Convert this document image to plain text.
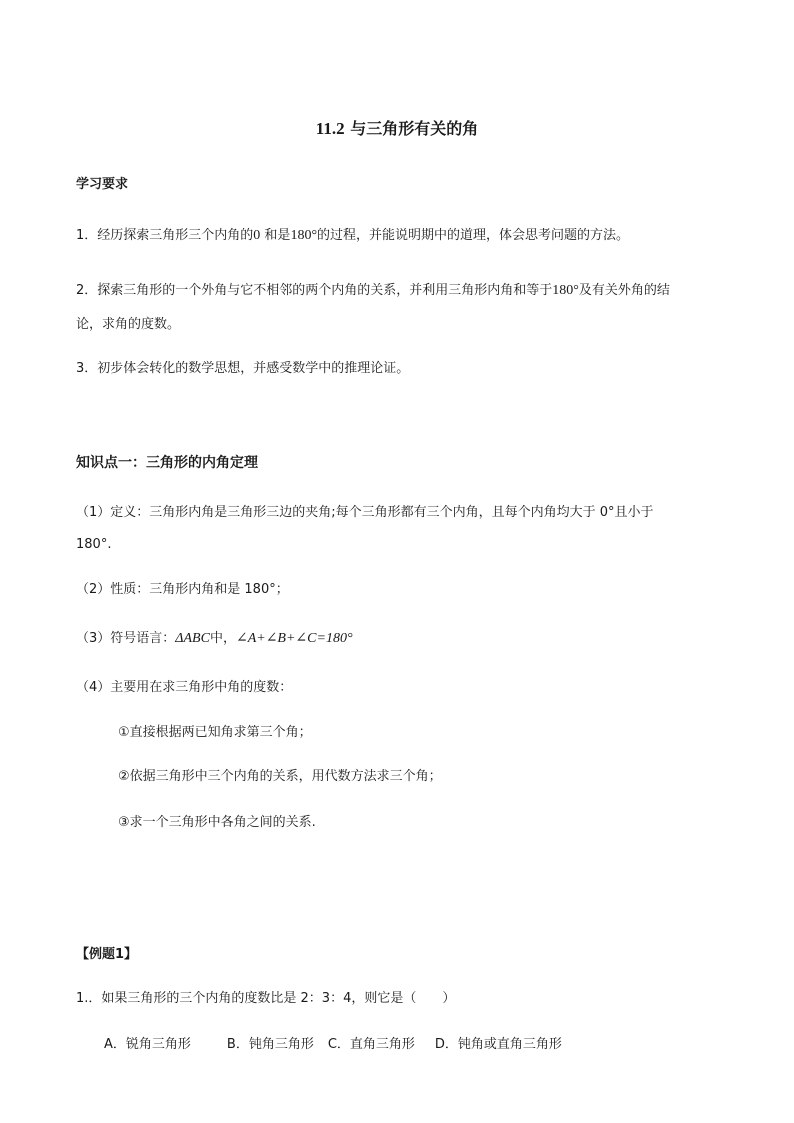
11.2 与三角形有关的角
学习要求
1．经历探索三角形三个内角的0 和是180°的过程，并能说明期中的道理，体会思考问题的方法。
2．探索三角形的一个外角与它不相邻的两个内角的关系，并利用三角形内角和等于180°及有关外角的结
论，求角的度数。
3．初步体会转化的数学思想，并感受数学中的推理论证。
知识点一：三角形的内角定理
（1）定义：三角形内角是三角形三边的夹角;每个三角形都有三个内角，且每个内角均大于 0°且小于
180°.
（2）性质：三角形内角和是 180°；
（3）符号语言：ΔABC中，∠A+∠B+∠C=180°
（4）主要用在求三角形中角的度数：
①直接根据两已知角求第三个角；
②依据三角形中三个内角的关系，用代数方法求三个角；
③求一个三角形中各角之间的关系.
【例题1】
1.．如果三角形的三个内角的度数比是 2：3：4，则它是（　　）
A．锐角三角形	B．钝角三角形 C．直角三角形 D．钝角或直角三角形
